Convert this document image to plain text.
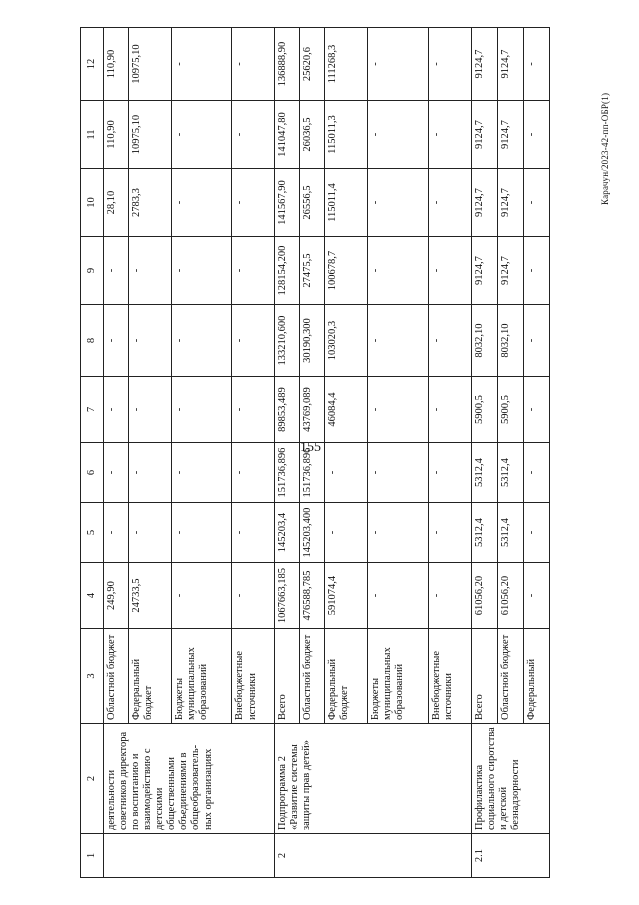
155
Карачун/2023-42-пп-ОБР(1)
1	2	3	4	5	6	7	8	9	10	11	12
	деятельности советников директора по воспитанию и взаимодействию с детскими общественными объединениями в общеобразователь-ных организациях	Областной бюджет	249,90	-	-	-	-	-	28,10	110,90	110,90
		Федеральный бюджет	24733,5	-	-	-	-	-	2783,3	10975,10	10975,10
		Бюджеты муниципальных образований	-	-	-	-	-	-	-	-	-
		Внебюджетные источники	-	-	-	-	-	-	-	-	-
2	Подпрограмма 2 «Развитие системы защиты прав детей»	Всего	1067663,185	145203,4	151736,896	89853,489	133210,600	128154,200	141567,90	141047,80	136888,90
		Областной бюджет	476588,785	145203,400	151736,896	43769,089	30190,300	27475,5	26556,5	26036,5	25620,6
		Федеральный бюджет	591074,4	-	-	46084,4	103020,3	100678,7	115011,4	115011,3	111268,3
		Бюджеты муниципальных образований	-	-	-	-	-	-	-	-	-
		Внебюджетные источники	-	-	-	-	-	-	-	-	-
2.1	Профилактика социального сиротства и детской безнадзорности	Всего	61056,20	5312,4	5312,4	5900,5	8032,10	9124,7	9124,7	9124,7	9124,7
		Областной бюджет	61056,20	5312,4	5312,4	5900,5	8032,10	9124,7	9124,7	9124,7	9124,7
		Федеральный	-	-	-	-	-	-	-	-	-
